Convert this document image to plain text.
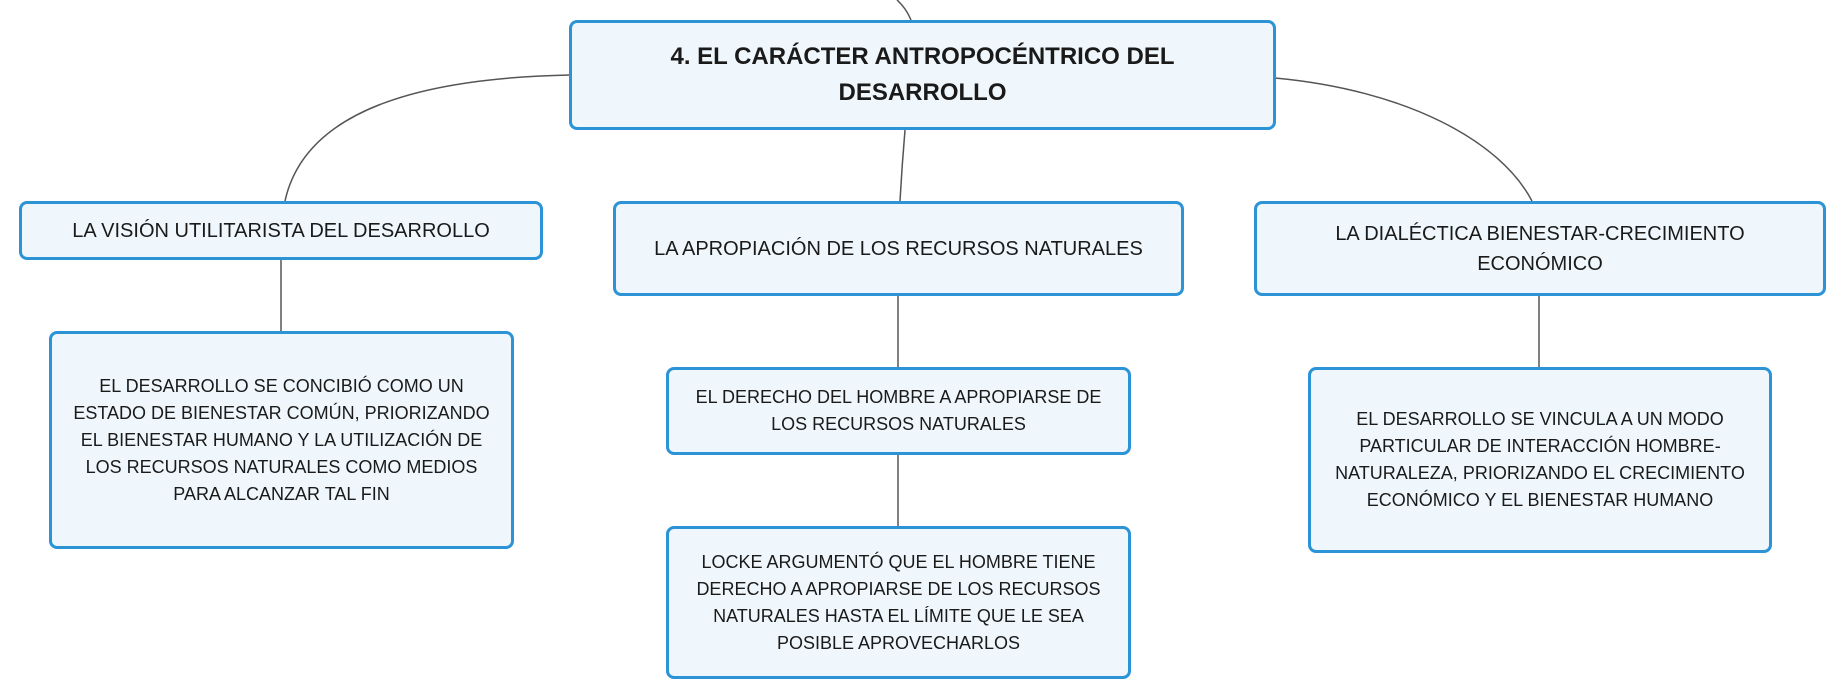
4. EL CARÁCTER ANTROPOCÉNTRICO DEL DESARROLLO
LA VISIÓN UTILITARISTA DEL DESARROLLO
LA APROPIACIÓN DE LOS RECURSOS NATURALES
LA DIALÉCTICA BIENESTAR-CRECIMIENTO ECONÓMICO
EL DESARROLLO SE CONCIBIÓ COMO UN ESTADO DE BIENESTAR COMÚN, PRIORIZANDO EL BIENESTAR HUMANO Y LA UTILIZACIÓN DE LOS RECURSOS NATURALES COMO MEDIOS PARA ALCANZAR TAL FIN
EL DERECHO DEL HOMBRE A APROPIARSE DE LOS RECURSOS NATURALES
LOCKE ARGUMENTÓ QUE EL HOMBRE TIENE DERECHO A APROPIARSE DE LOS RECURSOS NATURALES HASTA EL LÍMITE QUE LE SEA POSIBLE APROVECHARLOS
EL DESARROLLO SE VINCULA A UN MODO PARTICULAR DE INTERACCIÓN HOMBRE-NATURALEZA, PRIORIZANDO EL CRECIMIENTO ECONÓMICO Y EL BIENESTAR HUMANO
